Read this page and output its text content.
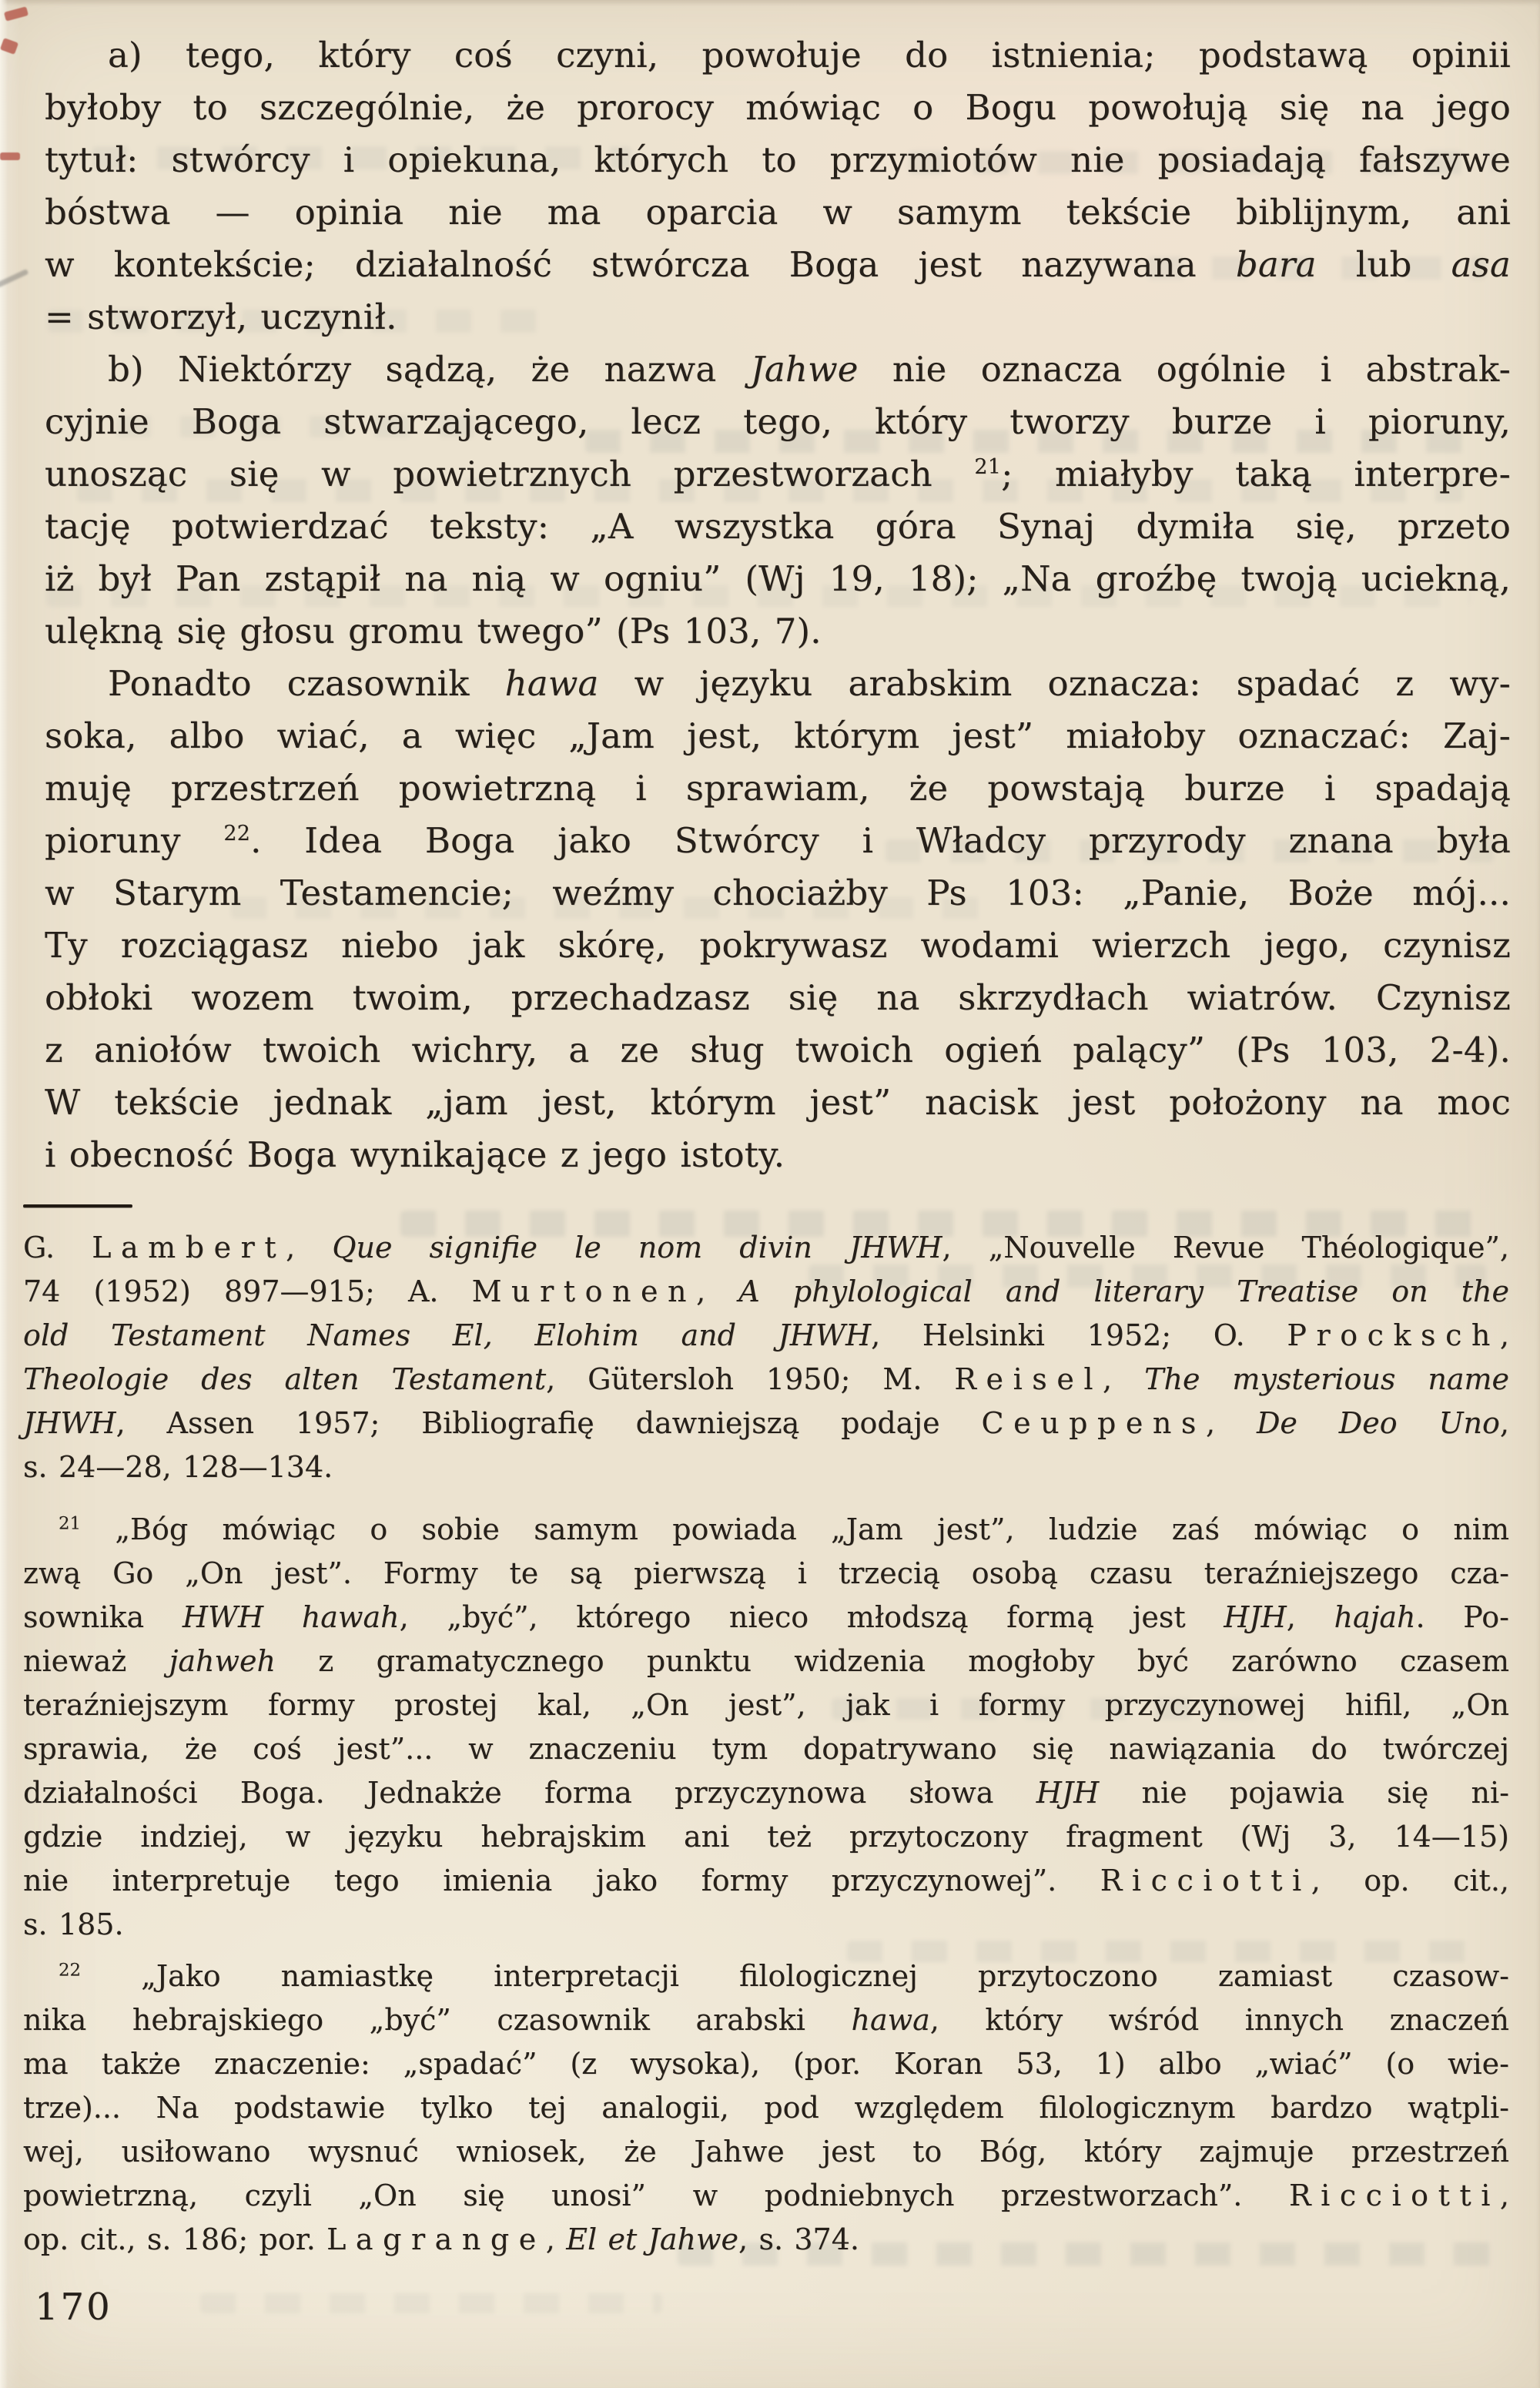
a) tego, który coś czyni, powołuje do istnienia; podstawą opinii
byłoby to szczególnie, że prorocy mówiąc o Bogu powołują się na jego
tytuł: stwórcy i opiekuna, których to przymiotów nie posiadają fałszywe
bóstwa — opinia nie ma oparcia w samym tekście biblijnym, ani
w kontekście; działalność stwórcza Boga jest nazywana bara lub asa
= stworzył, uczynił.
b) Niektórzy sądzą, że nazwa Jahwe nie oznacza ogólnie i abstrak-
cyjnie Boga stwarzającego, lecz tego, który tworzy burze i pioruny,
unosząc się w powietrznych przestworzach $^{21}$; miałyby taką interpre-
tację potwierdzać teksty: „A wszystka góra Synaj dymiła się, przeto
iż był Pan zstąpił na nią w ogniu” (Wj 19, 18); „Na groźbę twoją uciekną,
ulękną się głosu gromu twego” (Ps 103, 7).
Ponadto czasownik hawa w języku arabskim oznacza: spadać z wy-
soka, albo wiać, a więc „Jam jest, którym jest” miałoby oznaczać: Zaj-
muję przestrzeń powietrzną i sprawiam, że powstają burze i spadają
pioruny $^{22}$. Idea Boga jako Stwórcy i Władcy przyrody znana była
w Starym Testamencie; weźmy chociażby Ps 103: „Panie, Boże mój...
Ty rozciągasz niebo jak skórę, pokrywasz wodami wierzch jego, czynisz
obłoki wozem twoim, przechadzasz się na skrzydłach wiatrów. Czynisz
z aniołów twoich wichry, a ze sług twoich ogień palący” (Ps 103, 2-4).
W tekście jednak „jam jest, którym jest” nacisk jest położony na moc
i obecność Boga wynikające z jego istoty.
G. Lambert, Que signifie le nom divin JHWH, „Nouvelle Revue Théologique”,
74 (1952) 897—915; A. Murtonen, A phylological and literary Treatise on the
old Testament Names El, Elohim and JHWH, Helsinki 1952; O. Procksch,
Theologie des alten Testament, Gütersloh 1950; M. Reisel, The mysterious name
JHWH, Assen 1957; Bibliografię dawniejszą podaje Ceuppens, De Deo Uno,
s. 24—28, 128—134.
$^{21}$ „Bóg mówiąc o sobie samym powiada „Jam jest”, ludzie zaś mówiąc o nim
zwą Go „On jest”. Formy te są pierwszą i trzecią osobą czasu teraźniejszego cza-
sownika HWH hawah, „być”, którego nieco młodszą formą jest HJH, hajah. Po-
nieważ jahweh z gramatycznego punktu widzenia mogłoby być zarówno czasem
teraźniejszym formy prostej kal, „On jest”, jak i formy przyczynowej hifil, „On
sprawia, że coś jest”... w znaczeniu tym dopatrywano się nawiązania do twórczej
działalności Boga. Jednakże forma przyczynowa słowa HJH nie pojawia się ni-
gdzie indziej, w języku hebrajskim ani też przytoczony fragment (Wj 3, 14—15)
nie interpretuje tego imienia jako formy przyczynowej”. Ricciotti, op. cit.,
s. 185.
$^{22}$ „Jako namiastkę interpretacji filologicznej przytoczono zamiast czasow-
nika hebrajskiego „być” czasownik arabski hawa, który wśród innych znaczeń
ma także znaczenie: „spadać” (z wysoka), (por. Koran 53, 1) albo „wiać” (o wie-
trze)... Na podstawie tylko tej analogii, pod względem filologicznym bardzo wątpli-
wej, usiłowano wysnuć wniosek, że Jahwe jest to Bóg, który zajmuje przestrzeń
powietrzną, czyli „On się unosi” w podniebnych przestworzach”. Ricciotti,
op. cit., s. 186; por. Lagrange, El et Jahwe, s. 374.
170
